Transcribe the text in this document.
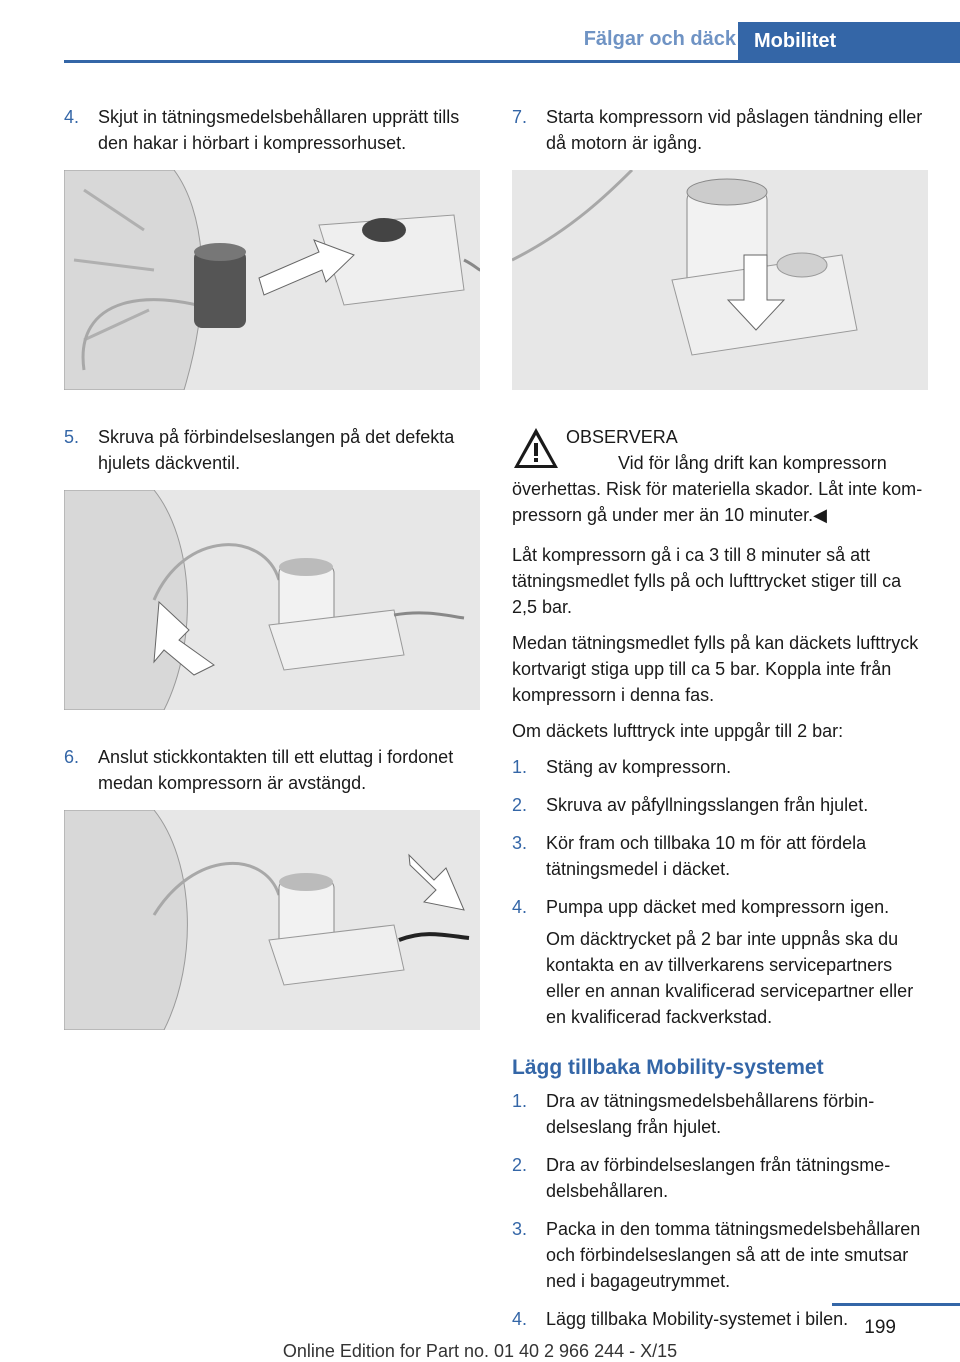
Fälgar och däck Mobilitet
4. Skjut in tätningsmedelsbehållaren upprätt tills den hakar i hörbart i kompressorhuset.
5. Skruva på förbindelseslangen på det defekta hjulets däckventil.
6. Anslut stickkontakten till ett eluttag i fordonet medan kompressorn är avstängd.
7. Starta kompressorn vid påslagen tändning eller då motorn är igång.
OBSERVERA
Vid för lång drift kan kompressorn överhettas. Risk för materiella skador. Låt inte kompressorn gå under mer än 10 minuter.◀

Låt kompressorn gå i ca 3 till 8 minuter så att tätningsmedlet fylls på och lufttrycket stiger till ca 2,5 bar.

Medan tätningsmedlet fylls på kan däckets lufttryck kortvarigt stiga upp till ca 5 bar. Koppla inte från kompressorn i denna fas.

Om däckets lufttryck inte uppgår till 2 bar:

1. Stäng av kompressorn.
2. Skruva av påfyllningsslangen från hjulet.
3. Kör fram och tillbaka 10 m för att fördela tätningsmedel i däcket.
4. Pumpa upp däcket med kompressorn igen.
Om däcktrycket på 2 bar inte uppnås ska du kontakta en av tillverkarens servicepartners eller en annan kvalificerad servicepartner eller en kvalificerad fackverkstad.
Lägg tillbaka Mobility-systemet
1. Dra av tätningsmedelsbehållarens förbindelseslang från hjulet.
2. Dra av förbindelseslangen från tätningsmedelsbehållaren.
3. Packa in den tomma tätningsmedelsbehållaren och förbindelseslangen så att de inte smutsar ned i bagageutrymmet.
4. Lägg tillbaka Mobility-systemet i bilen. 199
Online Edition for Part no. 01 40 2 966 244 - X/15
